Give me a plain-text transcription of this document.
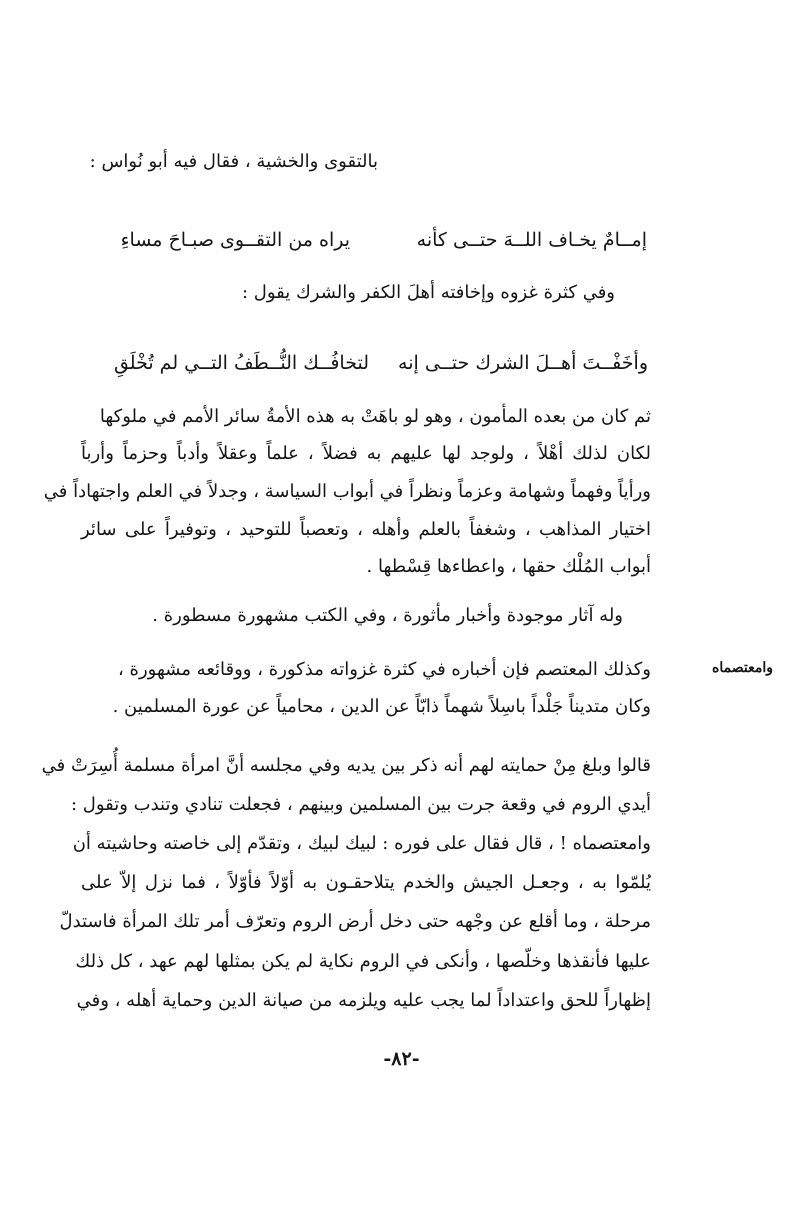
بالتقوى والخشية ، فقال فيه أبو نُواس :
إمــامٌ يخـاف اللــهَ حتــى كأنه
يراه من التقــوى صبـاحَ مساءِ
وفي كثرة غزوه وإخافته أهلَ الكفر والشرك يقول :
وأخَفْــتَ أهــلَ الشرك حتــى إنه
لتخافُــك النُّــطَفُ التــي لم تُخْلَقِ
ثم كان من بعده المأمون ، وهو لو باهَتْ به هذه الأمةُ سائر الأمم في ملوكها
لكان لذلك أهْلاً ، ولوجد لها عليهم به فضلاً ، علماً وعقلاً وأدباً وحزماً وأرباً
ورأياً وفهماً وشهامة وعزماً ونظراً في أبواب السياسة ، وجدلاً في العلم واجتهاداً في
اختيار المذاهب ، وشغفاً بالعلم وأهله ، وتعصباً للتوحيد ، وتوفيراً على سائر
أبواب المُلْك حقها ، واعطاءها قِسْطها .
وله آثار موجودة وأخبار مأثورة ، وفي الكتب مشهورة مسطورة .
وامعتصماه
وكذلك المعتصم فإن أخباره في كثرة غزواته مذكورة ، ووقائعه مشهورة ،
وكان متديناً جَلْداً باسِلاً شهماً ذابّاً عن الدين ، محامياً عن عورة المسلمين .
قالوا وبلغ مِنْ حمايته لهم أنه ذكر بين يديه وفي مجلسه أنَّ امرأة مسلمة أُسِرَتْ في
أيدي الروم في وقعة جرت بين المسلمين وبينهم ، فجعلت تنادي وتندب وتقول :
وامعتصماه ! ، قال فقال على فوره : لبيك لبيك ، وتقدّم إلى خاصته وحاشيته أن
يُلمّوا به ، وجعـل الجيش والخدم يتلاحقـون به أوّلاً فأوّلاً ، فما نزل إلاّ على
مرحلة ، وما أقلع عن وجْهه حتى دخل أرض الروم وتعرّف أمر تلك المرأة فاستدلّ
عليها فأنقذها وخلّصها ، وأنكى في الروم نكاية لم يكن بمثلها لهم عهد ، كل ذلك
إظهاراً للحق واعتداداً لما يجب عليه ويلزمه من صيانة الدين وحماية أهله ، وفي
-٨٢-
